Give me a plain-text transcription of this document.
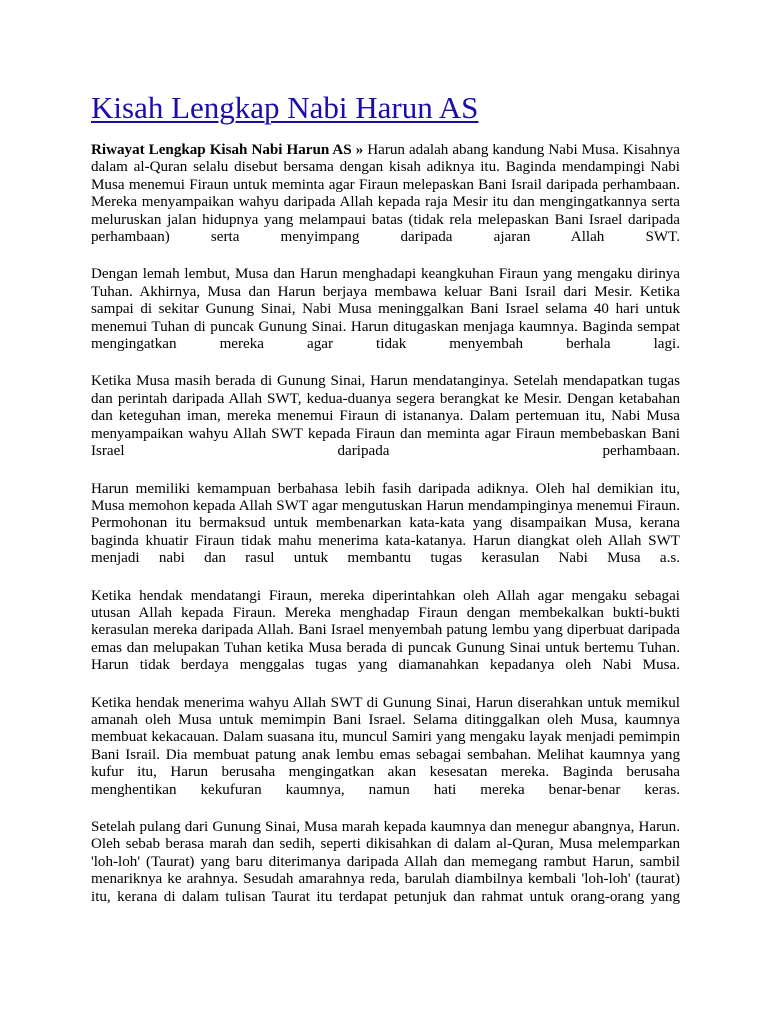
Kisah Lengkap Nabi Harun AS

Riwayat Lengkap Kisah Nabi Harun AS » Harun adalah abang kandung Nabi Musa. Kisahnya dalam al-Quran selalu disebut bersama dengan kisah adiknya itu. Baginda mendampingi Nabi Musa menemui Firaun untuk meminta agar Firaun melepaskan Bani Israil daripada perhambaan. Mereka menyampaikan wahyu daripada Allah kepada raja Mesir itu dan mengingatkannya serta meluruskan jalan hidupnya yang melampaui batas (tidak rela melepaskan Bani Israel daripada perhambaan) serta menyimpang daripada ajaran Allah SWT.

Dengan lemah lembut, Musa dan Harun menghadapi keangkuhan Firaun yang mengaku dirinya Tuhan. Akhirnya, Musa dan Harun berjaya membawa keluar Bani Israil dari Mesir. Ketika sampai di sekitar Gunung Sinai, Nabi Musa meninggalkan Bani Israel selama 40 hari untuk menemui Tuhan di puncak Gunung Sinai. Harun ditugaskan menjaga kaumnya. Baginda sempat mengingatkan mereka agar tidak menyembah berhala lagi.

Ketika Musa masih berada di Gunung Sinai, Harun mendatanginya. Setelah mendapatkan tugas dan perintah daripada Allah SWT, kedua-duanya segera berangkat ke Mesir. Dengan ketabahan dan keteguhan iman, mereka menemui Firaun di istananya. Dalam pertemuan itu, Nabi Musa menyampaikan wahyu Allah SWT kepada Firaun dan meminta agar Firaun membebaskan Bani Israel daripada perhambaan.

Harun memiliki kemampuan berbahasa lebih fasih daripada adiknya. Oleh hal demikian itu, Musa memohon kepada Allah SWT agar mengutuskan Harun mendampinginya menemui Firaun. Permohonan itu bermaksud untuk membenarkan kata-kata yang disampaikan Musa, kerana baginda khuatir Firaun tidak mahu menerima kata-katanya. Harun diangkat oleh Allah SWT menjadi nabi dan rasul untuk membantu tugas kerasulan Nabi Musa a.s.

Ketika hendak mendatangi Firaun, mereka diperintahkan oleh Allah agar mengaku sebagai utusan Allah kepada Firaun. Mereka menghadap Firaun dengan membekalkan bukti-bukti kerasulan mereka daripada Allah. Bani Israel menyembah patung lembu yang diperbuat daripada emas dan melupakan Tuhan ketika Musa berada di puncak Gunung Sinai untuk bertemu Tuhan. Harun tidak berdaya menggalas tugas yang diamanahkan kepadanya oleh Nabi Musa.

Ketika hendak menerima wahyu Allah SWT di Gunung Sinai, Harun diserahkan untuk memikul amanah oleh Musa untuk memimpin Bani Israel. Selama ditinggalkan oleh Musa, kaumnya membuat kekacauan. Dalam suasana itu, muncul Samiri yang mengaku layak menjadi pemimpin Bani Israil. Dia membuat patung anak lembu emas sebagai sembahan. Melihat kaumnya yang kufur itu, Harun berusaha mengingatkan akan kesesatan mereka. Baginda berusaha menghentikan kekufuran kaumnya, namun hati mereka benar-benar keras.

Setelah pulang dari Gunung Sinai, Musa marah kepada kaumnya dan menegur abangnya, Harun. Oleh sebab berasa marah dan sedih, seperti dikisahkan di dalam al-Quran, Musa melemparkan 'loh-loh' (Taurat) yang baru diterimanya daripada Allah dan memegang rambut Harun, sambil menariknya ke arahnya. Sesudah amarahnya reda, barulah diambilnya kembali 'loh-loh' (taurat) itu, kerana di dalam tulisan Taurat itu terdapat petunjuk dan rahmat untuk orang-orang yang
